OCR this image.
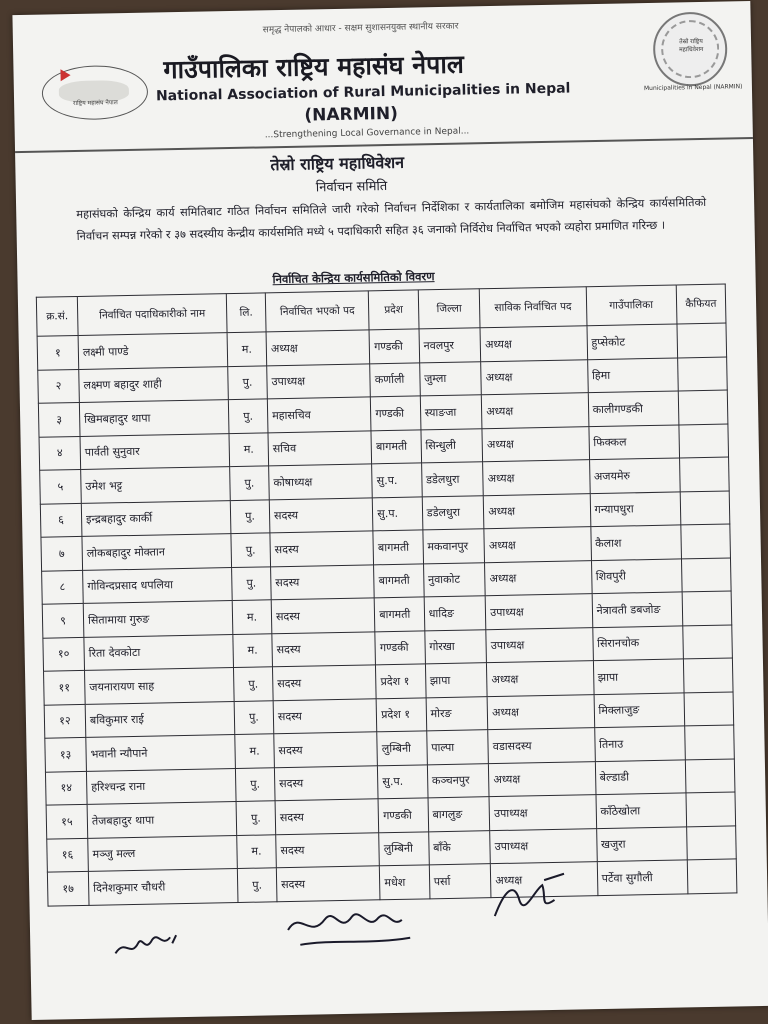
समृद्ध नेपालको आधार - सक्षम सुशासनयुक्त स्थानीय सरकार
राष्ट्रिय महासंघ नेपाल
तेस्रो राष्ट्रिय महाधिवेशन
Municipalities in Nepal (NARMIN)
गाउँपालिका राष्ट्रिय महासंघ नेपाल
National Association of Rural Municipalities in Nepal
(NARMIN)
...Strengthening Local Governance in Nepal...
तेस्रो राष्ट्रिय महाधिवेशन
निर्वाचन समिति
महासंघको केन्द्रिय कार्य समितिबाट गठित निर्वाचन समितिले जारी गरेको निर्वाचन निर्देशिका र कार्यतालिका बमोजिम महासंघको केन्द्रिय कार्यसमितिको निर्वाचन सम्पन्न गरेको र ३७ सदस्यीय केन्द्रीय कार्यसमिति मध्ये ५ पदाधिकारी सहित ३६ जनाको निर्विरोध निर्वाचित भएको व्यहोरा प्रमाणित गरिन्छ ।
निर्वाचित केन्द्रिय कार्यसमितिको विवरण
क्र.सं.	निर्वाचित पदाधिकारीको नाम	लि.	निर्वाचित भएको पद	प्रदेश	जिल्ला	साविक निर्वाचित पद	गाउँपालिका	कैफियत
१	लक्ष्मी पाण्डे	म.	अध्यक्ष	गण्डकी	नवलपुर	अध्यक्ष	हुप्सेकोट	
२	लक्ष्मण बहादुर शाही	पु.	उपाध्यक्ष	कर्णाली	जुम्ला	अध्यक्ष	हिमा	
३	खिमबहादुर थापा	पु.	महासचिव	गण्डकी	स्याङजा	अध्यक्ष	कालीगण्डकी	
४	पार्वती सुनुवार	म.	सचिव	बागमती	सिन्धुली	अध्यक्ष	फिक्कल	
५	उमेश भट्ट	पु.	कोषाध्यक्ष	सु.प.	डडेलधुरा	अध्यक्ष	अजयमेरु	
६	इन्द्रबहादुर कार्की	पु.	सदस्य	सु.प.	डडेलधुरा	अध्यक्ष	गन्यापधुरा	
७	लोकबहादुर मोक्तान	पु.	सदस्य	बागमती	मकवानपुर	अध्यक्ष	कैलाश	
८	गोविन्दप्रसाद धपलिया	पु.	सदस्य	बागमती	नुवाकोट	अध्यक्ष	शिवपुरी	
९	सितामाया गुरुङ	म.	सदस्य	बागमती	धादिङ	उपाध्यक्ष	नेत्रावती डबजोङ	
१०	रिता देवकोटा	म.	सदस्य	गण्डकी	गोरखा	उपाध्यक्ष	सिरानचोक	
११	जयनारायण साह	पु.	सदस्य	प्रदेश १	झापा	अध्यक्ष	झापा	
१२	बविकुमार राई	पु.	सदस्य	प्रदेश १	मोरङ	अध्यक्ष	मिक्लाजुङ	
१३	भवानी न्यौपाने	म.	सदस्य	लुम्बिनी	पाल्पा	वडासदस्य	तिनाउ	
१४	हरिश्चन्द्र राना	पु.	सदस्य	सु.प.	कञ्चनपुर	अध्यक्ष	बेल्डाडी	
१५	तेजबहादुर थापा	पु.	सदस्य	गण्डकी	बागलुङ	उपाध्यक्ष	काँठेखोला	
१६	मञ्जु मल्ल	म.	सदस्य	लुम्बिनी	बाँके	उपाध्यक्ष	खजुरा	
१७	दिनेशकुमार चौधरी	पु.	सदस्य	मधेश	पर्सा	अध्यक्ष	पर्टेवा सुगौली	
